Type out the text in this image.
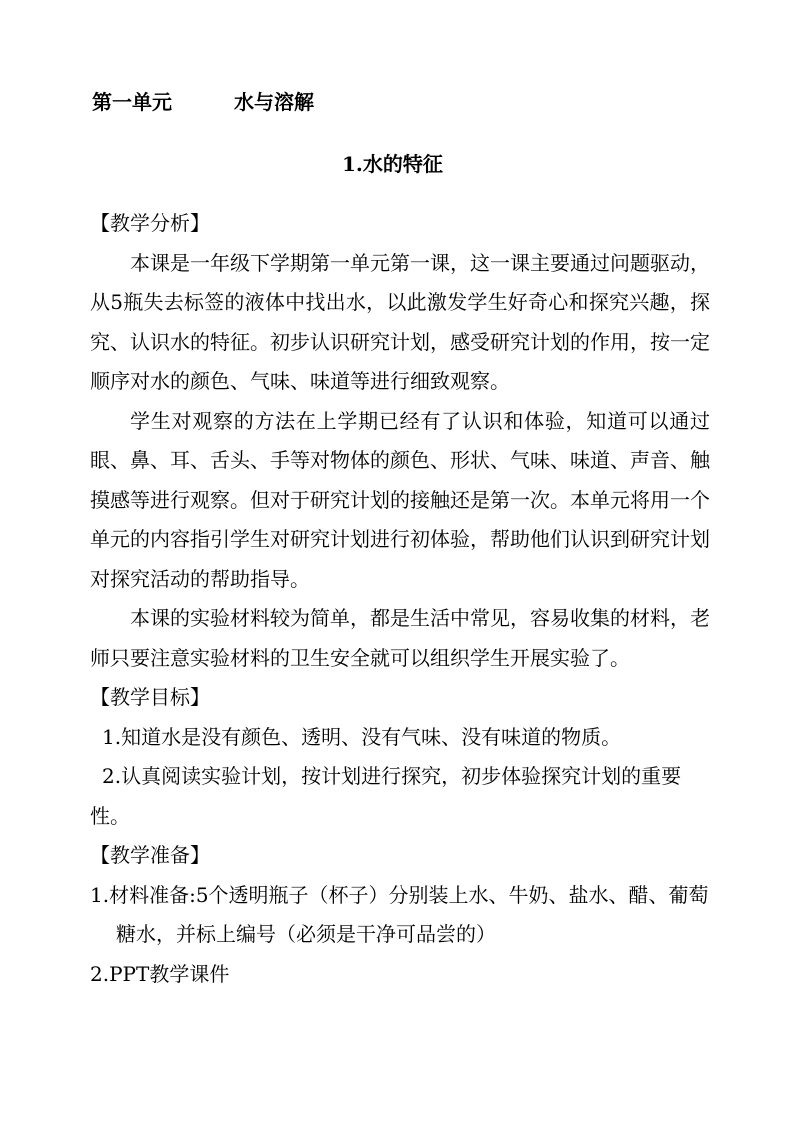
第一单元	水与溶解
1.水的特征

【教学分析】

本课是一年级下学期第一单元第一课，这一课主要通过问题驱动，从5瓶失去标签的液体中找出水，以此激发学生好奇心和探究兴趣，探究、认识水的特征。初步认识研究计划，感受研究计划的作用，按一定顺序对水的颜色、气味、味道等进行细致观察。

学生对观察的方法在上学期已经有了认识和体验，知道可以通过眼、鼻、耳、舌头、手等对物体的颜色、形状、气味、味道、声音、触摸感等进行观察。但对于研究计划的接触还是第一次。本单元将用一个单元的内容指引学生对研究计划进行初体验，帮助他们认识到研究计划对探究活动的帮助指导。

本课的实验材料较为简单，都是生活中常见，容易收集的材料，老师只要注意实验材料的卫生安全就可以组织学生开展实验了。

【教学目标】

1.知道水是没有颜色、透明、没有气味、没有味道的物质。

2.认真阅读实验计划，按计划进行探究，初步体验探究计划的重要性。

【教学准备】

1.材料准备:5个透明瓶子（杯子）分别装上水、牛奶、盐水、醋、葡萄糖水，并标上编号（必须是干净可品尝的）

2.PPT教学课件
